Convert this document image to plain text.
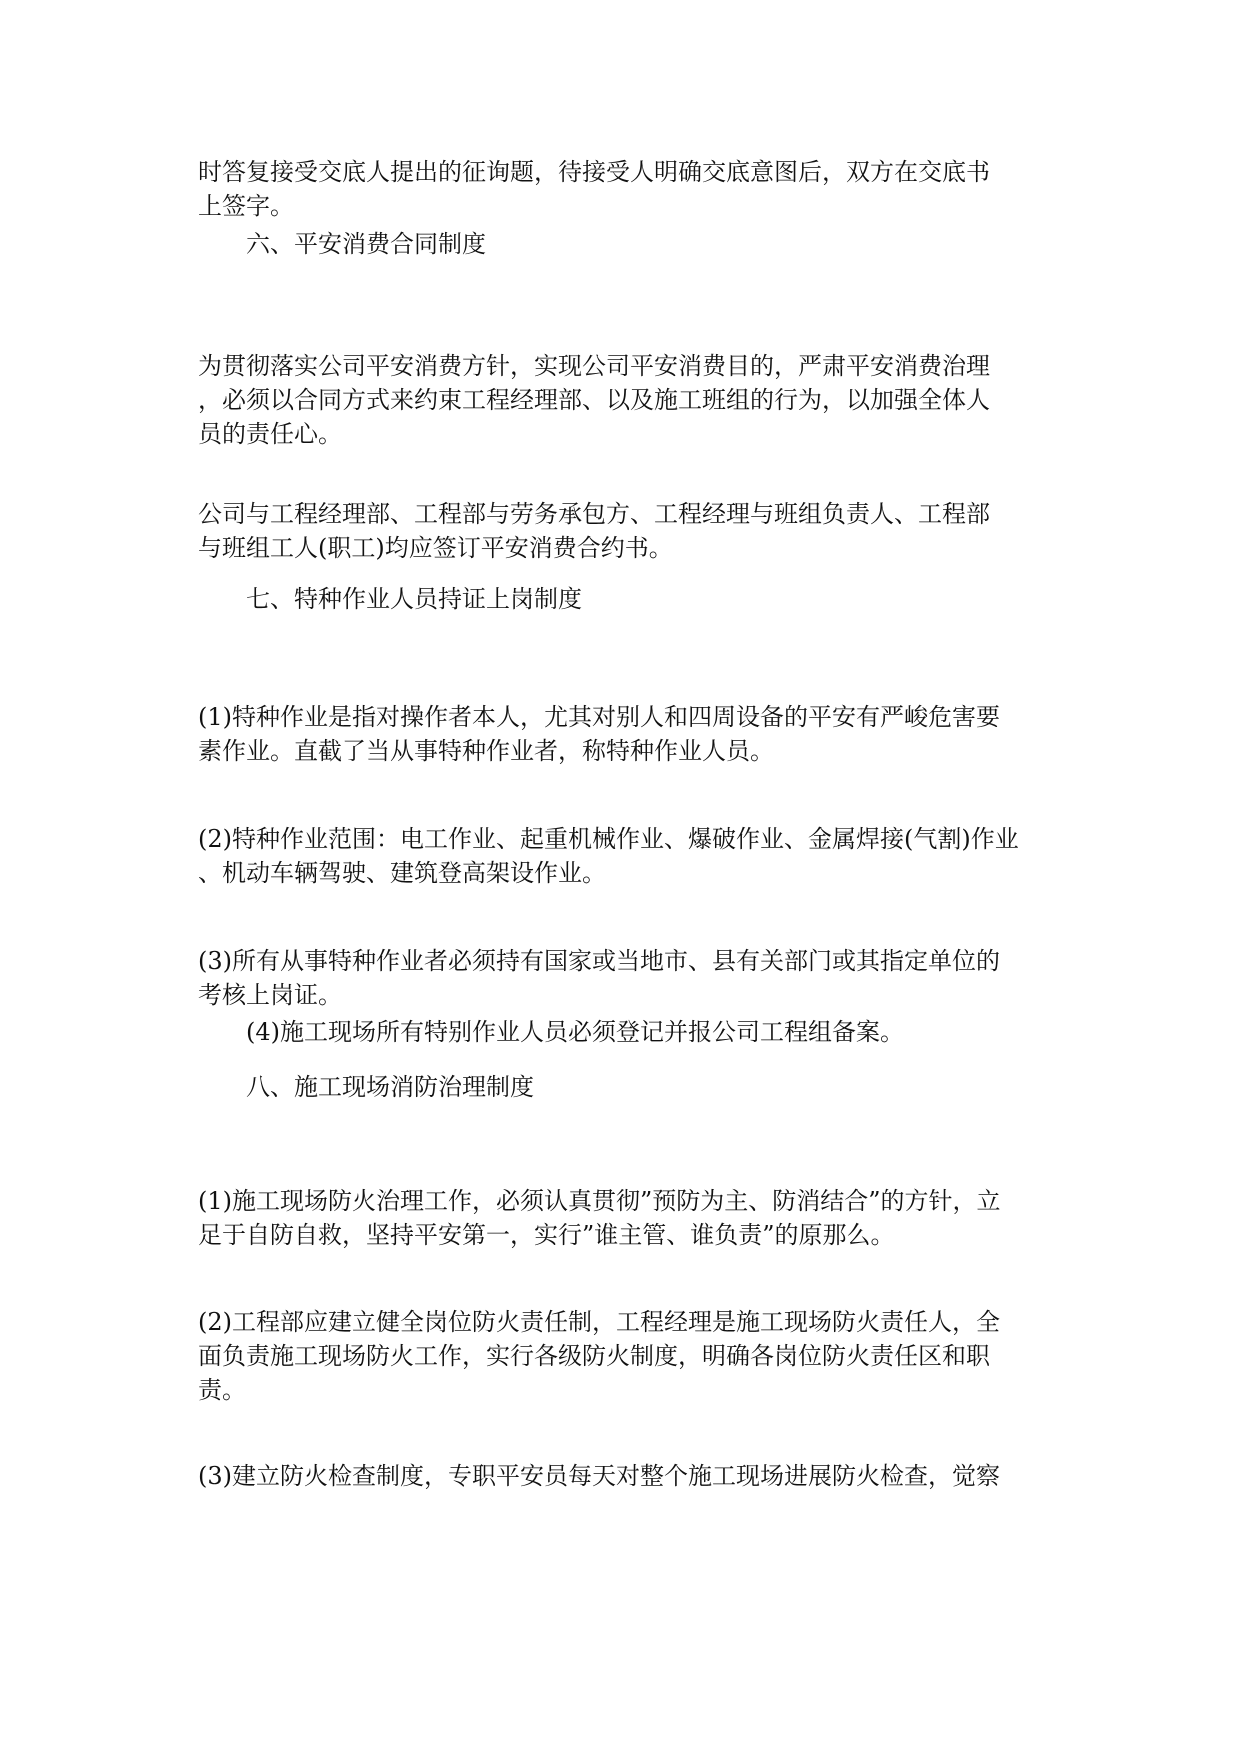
时答复接受交底人提出的征询题，待接受人明确交底意图后，双方在交底书
上签字。

六、平安消费合同制度

为贯彻落实公司平安消费方针，实现公司平安消费目的，严肃平安消费治理
，必须以合同方式来约束工程经理部、以及施工班组的行为，以加强全体人
员的责任心。

公司与工程经理部、工程部与劳务承包方、工程经理与班组负责人、工程部
与班组工人(职工)均应签订平安消费合约书。

七、特种作业人员持证上岗制度

(1)特种作业是指对操作者本人，尤其对别人和四周设备的平安有严峻危害要
素作业。直截了当从事特种作业者，称特种作业人员。

(2)特种作业范围：电工作业、起重机械作业、爆破作业、金属焊接(气割)作业
、机动车辆驾驶、建筑登高架设作业。

(3)所有从事特种作业者必须持有国家或当地市、县有关部门或其指定单位的
考核上岗证。

(4)施工现场所有特别作业人员必须登记并报公司工程组备案。

八、施工现场消防治理制度

(1)施工现场防火治理工作，必须认真贯彻”预防为主、防消结合”的方针，立
足于自防自救，坚持平安第一，实行”谁主管、谁负责”的原那么。

(2)工程部应建立健全岗位防火责任制，工程经理是施工现场防火责任人，全
面负责施工现场防火工作，实行各级防火制度，明确各岗位防火责任区和职
责。

(3)建立防火检查制度，专职平安员每天对整个施工现场进展防火检查，觉察
